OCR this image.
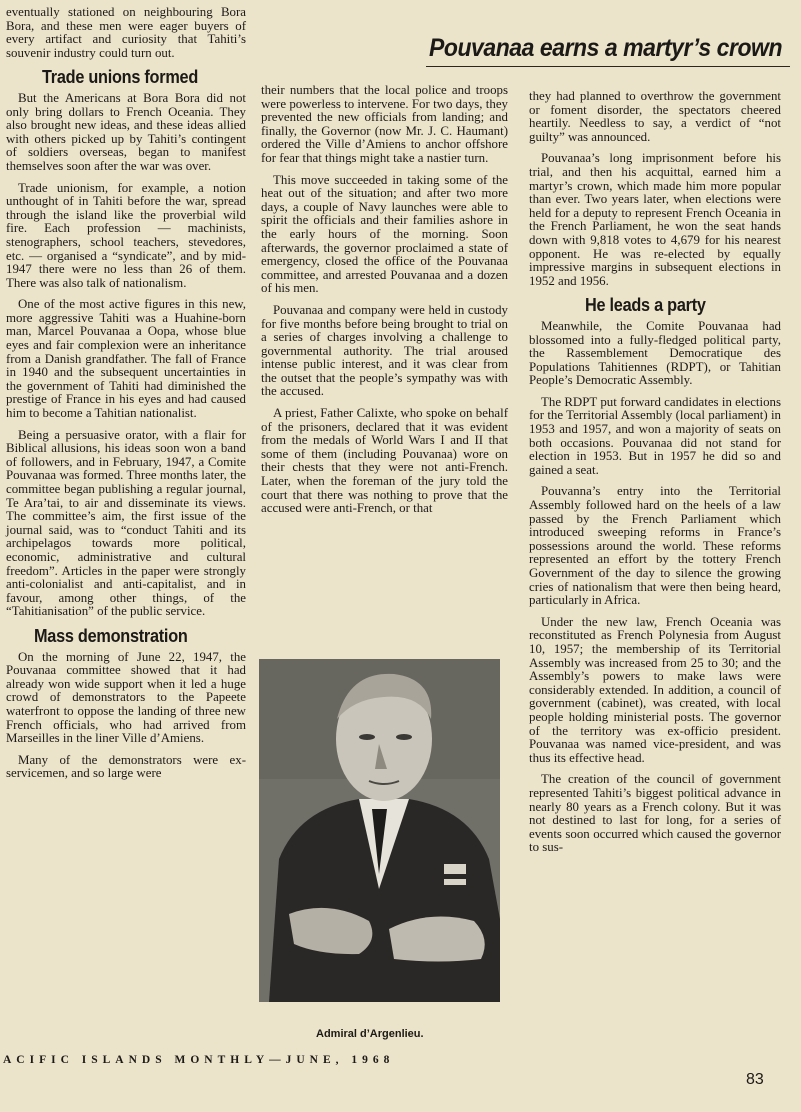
Pouvanaa earns a martyr’s crown

eventually stationed on neighbouring Bora Bora, and these men were eager buyers of every artifact and curiosity that Tahiti’s souvenir industry could turn out.

Trade unions formed

But the Americans at Bora Bora did not only bring dollars to French Oceania. They also brought new ideas, and these ideas allied with others picked up by Tahiti’s contingent of soldiers overseas, began to manifest themselves soon after the war was over.

Trade unionism, for example, a notion unthought of in Tahiti before the war, spread through the island like the proverbial wild fire. Each profession — machinists, stenographers, school teachers, stevedores, etc. — organised a “syndicate”, and by mid-1947 there were no less than 26 of them. There was also talk of nationalism.

One of the most active figures in this new, more aggressive Tahiti was a Huahine-born man, Marcel Pouvanaa a Oopa, whose blue eyes and fair complexion were an inheritance from a Danish grandfather. The fall of France in 1940 and the subsequent uncertainties in the government of Tahiti had diminished the prestige of France in his eyes and had caused him to become a Tahitian nationalist.

Being a persuasive orator, with a flair for Biblical allusions, his ideas soon won a band of followers, and in February, 1947, a Comite Pouvanaa was formed. Three months later, the committee began publishing a regular journal, Te Ara’tai, to air and disseminate its views. The committee’s aim, the first issue of the journal said, was to “conduct Tahiti and its archipelagos towards more political, economic, administrative and cultural freedom”. Articles in the paper were strongly anti-colonialist and anti-capitalist, and in favour, among other things, of the “Tahitianisation” of the public service.

Mass demonstration

On the morning of June 22, 1947, the Pouvanaa committee showed that it had already won wide support when it led a huge crowd of demonstrators to the Papeete waterfront to oppose the landing of three new French officials, who had arrived from Marseilles in the liner Ville d’Amiens.

Many of the demonstrators were ex-servicemen, and so large were

their numbers that the local police and troops were powerless to intervene. For two days, they prevented the new officials from landing; and finally, the Governor (now Mr. J. C. Haumant) ordered the Ville d’Amiens to anchor offshore for fear that things might take a nastier turn.

This move succeeded in taking some of the heat out of the situation; and after two more days, a couple of Navy launches were able to spirit the officials and their families ashore in the early hours of the morning. Soon afterwards, the governor proclaimed a state of emergency, closed the office of the Pouvanaa committee, and arrested Pouvanaa and a dozen of his men.

Pouvanaa and company were held in custody for five months before being brought to trial on a series of charges involving a challenge to governmental authority. The trial aroused intense public interest, and it was clear from the outset that the people’s sympathy was with the accused.

A priest, Father Calixte, who spoke on behalf of the prisoners, declared that it was evident from the medals of World Wars I and II that some of them (including Pouvanaa) wore on their chests that they were not anti-French. Later, when the foreman of the jury told the court that there was nothing to prove that the accused were anti-French, or that

Admiral d’Argenlieu.

they had planned to overthrow the government or foment disorder, the spectators cheered heartily. Needless to say, a verdict of “not guilty” was announced.

Pouvanaa’s long imprisonment before his trial, and then his acquittal, earned him a martyr’s crown, which made him more popular than ever. Two years later, when elections were held for a deputy to represent French Oceania in the French Parliament, he won the seat hands down with 9,818 votes to 4,679 for his nearest opponent. He was re-elected by equally impressive margins in subsequent elections in 1952 and 1956.

He leads a party

Meanwhile, the Comite Pouvanaa had blossomed into a fully-fledged political party, the Rassemblement Democratique des Populations Tahitiennes (RDPT), or Tahitian People’s Democratic Assembly.

The RDPT put forward candidates in elections for the Territorial Assembly (local parliament) in 1953 and 1957, and won a majority of seats on both occasions. Pouvanaa did not stand for election in 1953. But in 1957 he did so and gained a seat.

Pouvanna’s entry into the Territorial Assembly followed hard on the heels of a law passed by the French Parliament which introduced sweeping reforms in France’s possessions around the world. These reforms represented an effort by the tottery French Government of the day to silence the growing cries of nationalism that were then being heard, particularly in Africa.

Under the new law, French Oceania was reconstituted as French Polynesia from August 10, 1957; the membership of its Territorial Assembly was increased from 25 to 30; and the Assembly’s powers to make laws were considerably extended. In addition, a council of government (cabinet), was created, with local people holding ministerial posts. The governor of the territory was ex-officio president. Pouvanaa was named vice-president, and was thus its effective head.

The creation of the council of government represented Tahiti’s biggest political advance in nearly 80 years as a French colony. But it was not destined to last for long, for a series of events soon occurred which caused the governor to sus-

ACIFIC ISLANDS MONTHLY—JUNE, 1968
83
